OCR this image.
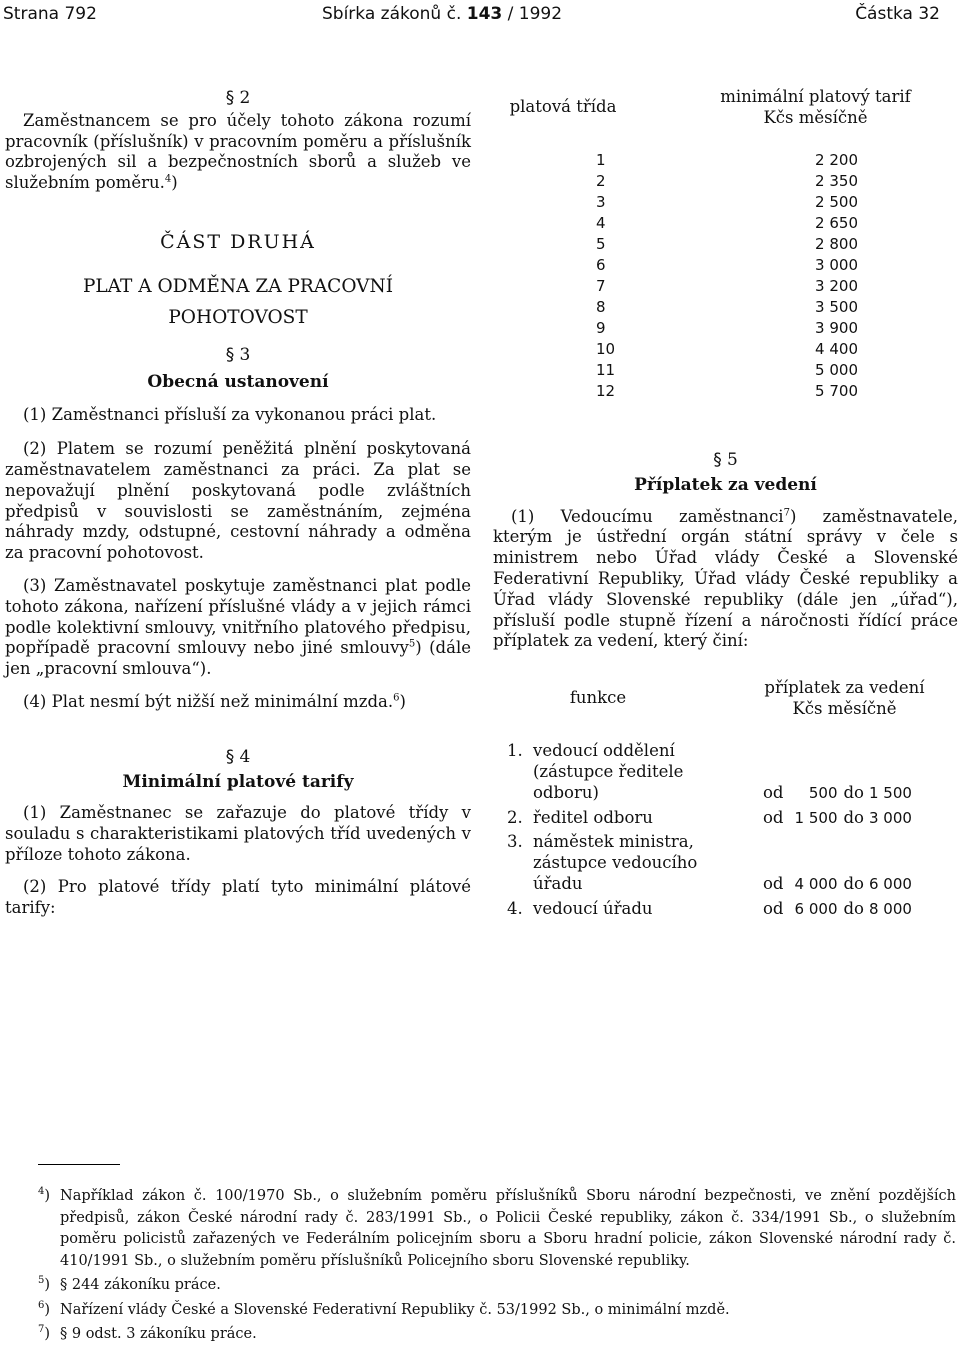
Strana 792	Sbírka zákonů č. 143 / 1992	Částka 32

§ 2

Zaměstnancem se pro účely tohoto zákona rozumí pracovník (příslušník) v pracovním poměru a příslušník ozbrojených sil a bezpečnostních sborů a služeb ve služebním poměru.$^4$)

ČÁST DRUHÁ

PLAT A ODMĚNA ZA PRACOVNÍ

POHOTOVOST

§ 3

Obecná ustanovení

(1) Zaměstnanci přísluší za vykonanou práci plat.

(2) Platem se rozumí peněžitá plnění poskytovaná zaměstnavatelem zaměstnanci za práci. Za plat se nepovažují plnění poskytovaná podle zvláštních předpisů v souvislosti se zaměstnáním, zejména náhrady mzdy, odstupné, cestovní náhrady a odměna za pracovní pohotovost.

(3) Zaměstnavatel poskytuje zaměstnanci plat podle tohoto zákona, nařízení příslušné vlády a v jejich rámci podle kolektivní smlouvy, vnitřního platového předpisu, popřípadě pracovní smlouvy nebo jiné smlouvy$^5$) (dále jen „pracovní smlouva“).

(4) Plat nesmí být nižší než minimální mzda.$^6$)

§ 4

Minimální platové tarify

(1) Zaměstnanec se zařazuje do platové třídy v souladu s charakteristikami platových tříd uvedených v příloze tohoto zákona.

(2) Pro platové třídy platí tyto minimální plátové tarify:

platová třída	minimální platový tarif
Kčs měsíčně

1	2 200
2	2 350
3	2 500
4	2 650
5	2 800
6	3 000
7	3 200
8	3 500
9	3 900
10	4 400
11	5 000
12	5 700

§ 5

Příplatek za vedení

(1) Vedoucímu zaměstnanci$^7$) zaměstnavatele, kterým je ústřední orgán státní správy v čele s ministrem nebo Úřad vlády České a Slovenské Federativní Republiky, Úřad vlády České republiky a Úřad vlády Slovenské republiky (dále jen „úřad“), přísluší podle stupně řízení a náročnosti řídící práce příplatek za vedení, který činí:

funkce	
příplatek za vedení
Kčs měsíčně

1. vedoucí oddělení
(zástupce ředitele
odboru)	od 500 do 1 500
2. ředitel odboru	od 1 500 do 3 000
3. náměstek ministra,
zástupce vedoucího
úřadu	od 4 000 do 6 000
4. vedoucí úřadu	od 6 000 do 8 000
$^4$) Například zákon č. 100/1970 Sb., o služebním poměru příslušníků Sboru národní bezpečnosti, ve znění pozdějších předpisů, zákon České národní rady č. 283/1991 Sb., o Policii České republiky, zákon č. 334/1991 Sb., o služebním poměru policistů zařazených ve Federálním policejním sboru a Sboru hradní policie, zákon Slovenské národní rady č. 410/1991 Sb., o služebním poměru příslušníků Policejního sboru Slovenské republiky.
$^5$) § 244 zákoníku práce.
$^6$) Nařízení vlády České a Slovenské Federativní Republiky č. 53/1992 Sb., o minimální mzdě.
$^7$) § 9 odst. 3 zákoníku práce.
